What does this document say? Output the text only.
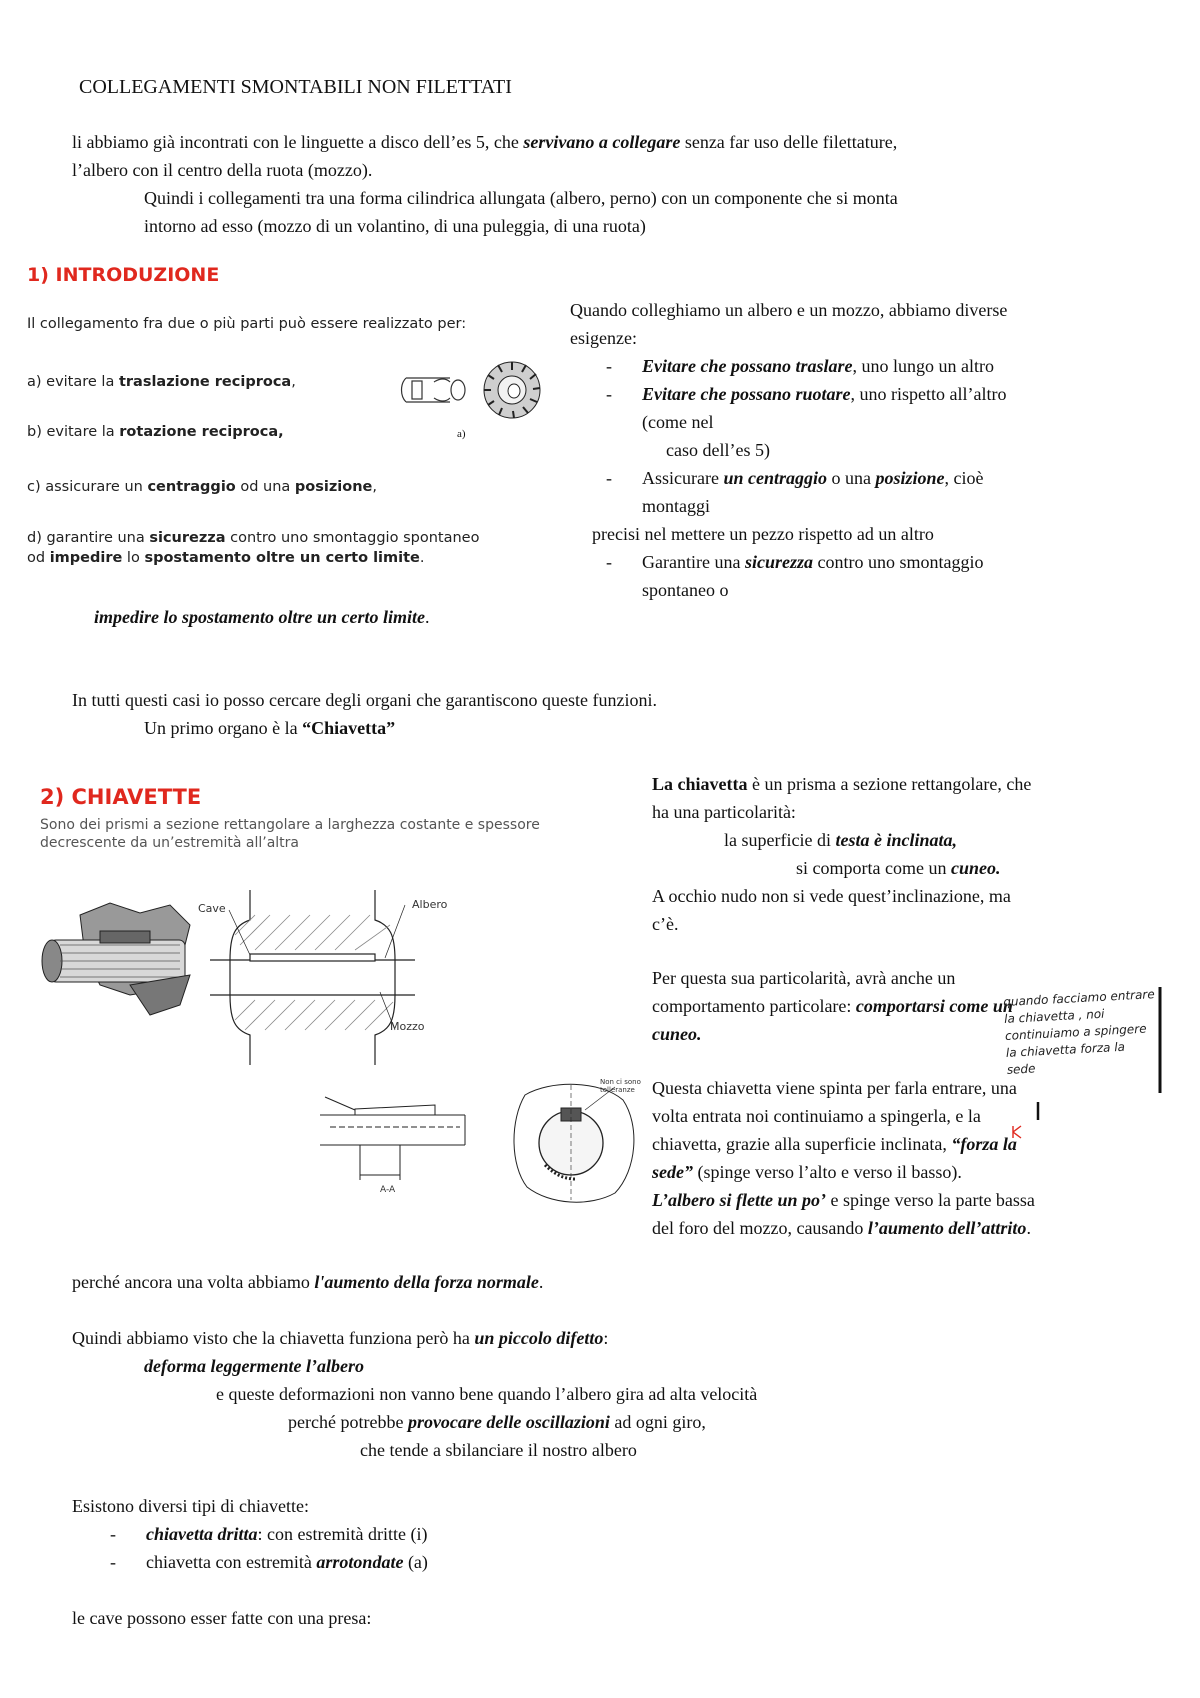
COLLEGAMENTI SMONTABILI NON FILETTATI
li abbiamo già incontrati con le linguette a disco dell’es 5, che servivano a collegare senza far uso delle filettature,
l’albero con il centro della ruota (mozzo).
Quindi i collegamenti tra una forma cilindrica allungata (albero, perno) con un componente che si monta
intorno ad esso (mozzo di un volantino, di una puleggia, di una ruota)
1) INTRODUZIONE
Il collegamento fra due o più parti può essere realizzato per:
a) evitare la traslazione reciproca,
b) evitare la rotazione reciproca,
c) assicurare un centraggio od una posizione,
d) garantire una sicurezza contro uno smontaggio spontaneo
od impedire lo spostamento oltre un certo limite.
a)
impedire lo spostamento oltre un certo limite.
Quando colleghiamo un albero e un mozzo, abbiamo diverse
esigenze:
- Evitare che possano traslare, uno lungo un altro
- Evitare che possano ruotare, uno rispetto all’altro
(come nel
caso dell’es 5)
- Assicurare un centraggio o una posizione, cioè
montaggi
precisi nel mettere un pezzo rispetto ad un altro
- Garantire una sicurezza contro uno smontaggio
spontaneo o
In tutti questi casi io posso cercare degli organi che garantiscono queste funzioni.
Un primo organo è la “Chiavetta”
2) CHIAVETTE
Sono dei prismi a sezione rettangolare a larghezza costante e spessore
decrescente da un’estremità all’altra
Cave	Albero
Mozzo
A-A
Non ci sono
tolleranze
La chiavetta è un prisma a sezione rettangolare, che
ha una particolarità:
la superficie di testa è inclinata,
si comporta come un cuneo.
A occhio nudo non si vede quest’inclinazione, ma
c’è.
Per questa sua particolarità, avrà anche un
comportamento particolare: comportarsi come un
cuneo.
Questa chiavetta viene spinta per farla entrare, una
volta entrata noi continuiamo a spingerla, e la
chiavetta, grazie alla superficie inclinata, “forza la
sede” (spinge verso l’alto e verso il basso).
L’albero si flette un po’ e spinge verso la parte bassa
del foro del mozzo, causando l’aumento dell’attrito.
quando facciamo entrare
la chiavetta , noi
continuiamo a spingere
la chiavetta forza la
sede
perché ancora una volta abbiamo l'aumento della forza normale.
Quindi abbiamo visto che la chiavetta funziona però ha un piccolo difetto:
deforma leggermente l’albero
e queste deformazioni non vanno bene quando l’albero gira ad alta velocità
perché potrebbe provocare delle oscillazioni ad ogni giro,
che tende a sbilanciare il nostro albero
Esistono diversi tipi di chiavette:
- chiavetta dritta: con estremità dritte (i)
- chiavetta con estremità arrotondate (a)
le cave possono esser fatte con una presa:
